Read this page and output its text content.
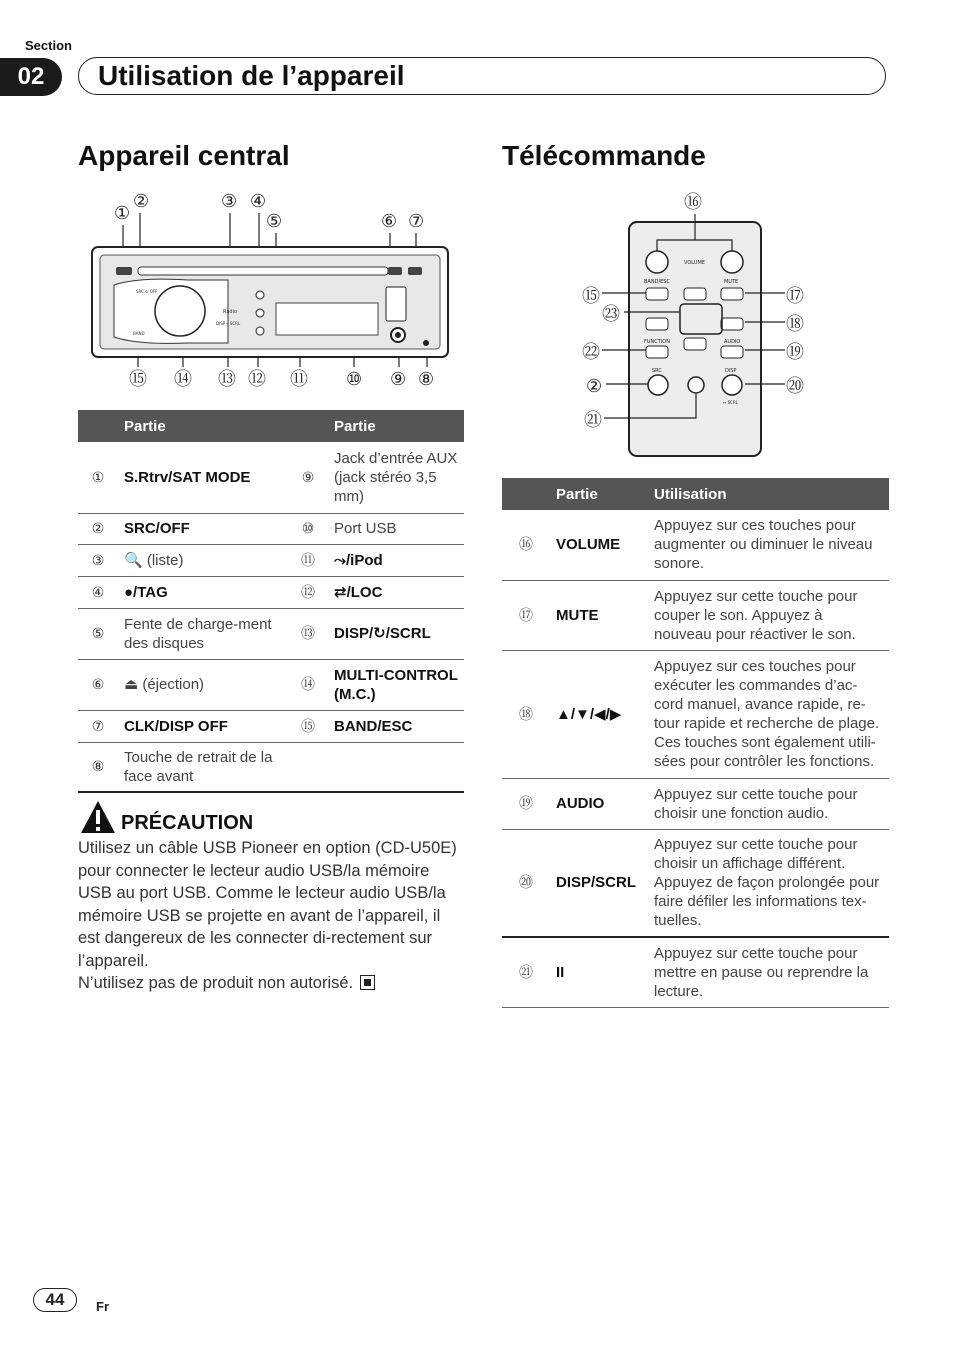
Section
02	Utilisation de l’appareil
Appareil central
①
②	③ ④
⑤	⑥ ⑦
⑧
⑨
⑩
⑪
⑫
⑬
⑭
⑮
SRC ↻ OFF
BAND
DISP→ SCRL
Radio
	Partie		Partie
①	S.Rtrv/SAT MODE	⑨	Jack d’entrée AUX (jack stéréo 3,5 mm)
②	SRC/OFF	⑩	Port USB
③	🔍 (liste)	⑪	⤳/iPod
④	●/TAG	⑫	⇄/LOC
⑤	Fente de charge-ment des disques	⑬	DISP/↻/SCRL
⑥	⏏ (éjection)	⑭	MULTI-CONTROL (M.C.)
⑦	CLK/DISP OFF	⑮	BAND/ESC
⑧	Touche de retrait de la face avant		
PRÉCAUTION
Utilisez un câble USB Pioneer en option (CD-U50E) pour connecter le lecteur audio USB/la mémoire USB au port USB. Comme le lecteur audio USB/la mémoire USB se projette en avant de l’appareil, il est dangereux de les connecter di-rectement sur l’appareil.
N’utilisez pas de produit non autorisé.
Télécommande
⑯
⑮
㉓
⑰
⑱
㉒	⑲
②	⑳
㉑
VOLUME
BAND/ESC	MUTE
FUNCTION	AUDIO
SRC	DISP
↔ SCRL
	Partie	Utilisation
⑯	VOLUME	Appuyez sur ces touches pour augmenter ou diminuer le niveau sonore.
⑰	MUTE	Appuyez sur cette touche pour couper le son. Appuyez à nouveau pour réactiver le son.
⑱	▲/▼/◀/▶	Appuyez sur ces touches pour exécuter les commandes d’ac-cord manuel, avance rapide, re-tour rapide et recherche de plage. Ces touches sont également utili-sées pour contrôler les fonctions.
⑲	AUDIO	Appuyez sur cette touche pour choisir une fonction audio.
⑳	DISP/SCRL	Appuyez sur cette touche pour choisir un affichage différent. Appuyez de façon prolongée pour faire défiler les informations tex-tuelles.
㉑	II	Appuyez sur cette touche pour mettre en pause ou reprendre la lecture.
44	Fr
